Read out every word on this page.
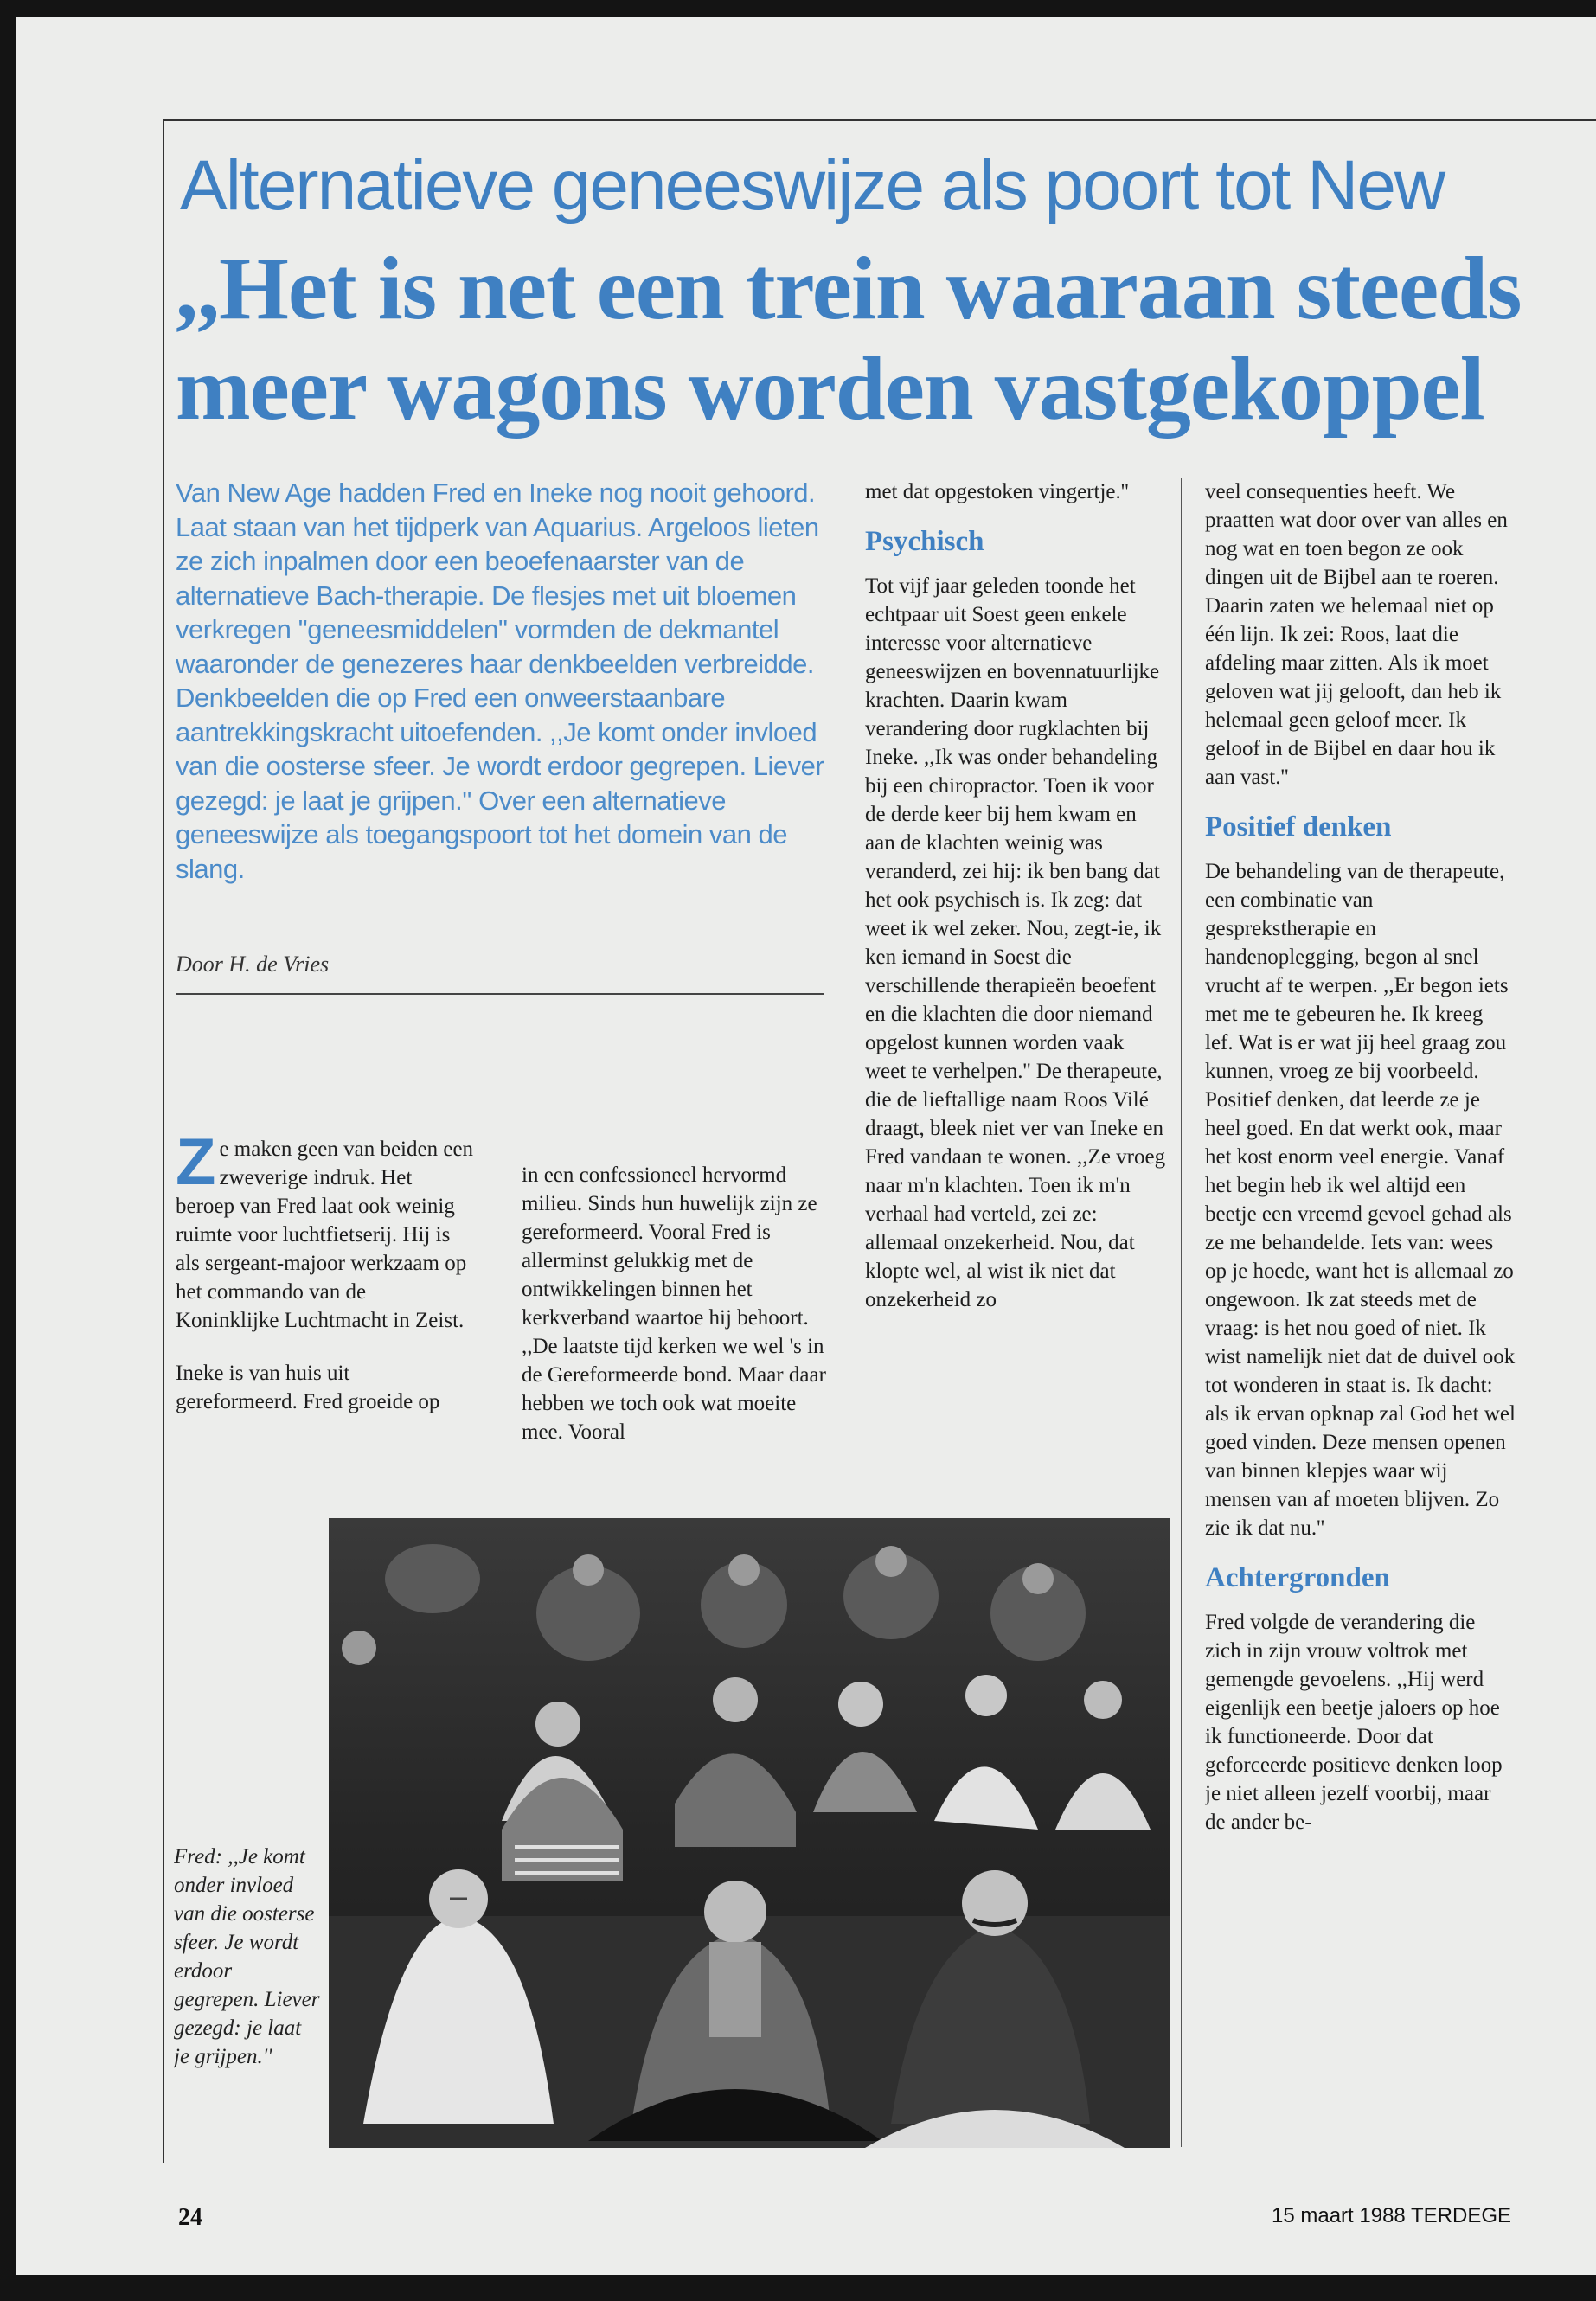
Alternatieve geneeswijze als poort tot New
,,Het is net een trein waaraan steeds
meer wagons worden vastgekoppel

Van New Age hadden Fred en Ineke nog nooit gehoord. Laat staan van het tijdperk van Aquarius. Argeloos lieten ze zich inpalmen door een beoefenaarster van de alternatieve Bach-therapie. De flesjes met uit bloemen verkregen ''geneesmiddelen'' vormden de dekmantel waaronder de genezeres haar denkbeelden verbreidde. Denkbeelden die op Fred een onweerstaanbare aantrekkingskracht uitoefenden. ,,Je komt onder invloed van die oosterse sfeer. Je wordt erdoor gegrepen. Liever gezegd: je laat je grijpen.'' Over een alternatieve geneeswijze als toegangspoort tot het domein van de slang.

Door H. de Vries
Z e maken geen van beiden een zweverige indruk. Het beroep van Fred laat ook weinig ruimte voor luchtfietserij. Hij is als sergeant-majoor werkzaam op het commando van de Koninklijke Luchtmacht in Zeist.

Ineke is van huis uit gereformeerd. Fred groeide op

in een confessioneel hervormd milieu. Sinds hun huwelijk zijn ze gereformeerd. Vooral Fred is allerminst gelukkig met de ontwikkelingen binnen het kerkverband waartoe hij behoort. ,,De laatste tijd kerken we wel 's in de Gereformeerde bond. Maar daar hebben we toch ook wat moeite mee. Vooral

met dat opgestoken vingertje.''

Psychisch

Tot vijf jaar geleden toonde het echtpaar uit Soest geen enkele interesse voor alternatieve geneeswijzen en bovennatuurlijke krachten. Daarin kwam verandering door rugklachten bij Ineke. ,,Ik was onder behandeling bij een chiropractor. Toen ik voor de derde keer bij hem kwam en aan de klachten weinig was veranderd, zei hij: ik ben bang dat het ook psychisch is. Ik zeg: dat weet ik wel zeker. Nou, zegt-ie, ik ken iemand in Soest die verschillende therapieën beoefent en die klachten die door niemand opgelost kunnen worden vaak weet te verhelpen.'' De therapeute, die de lieftallige naam Roos Vilé draagt, bleek niet ver van Ineke en Fred vandaan te wonen. ,,Ze vroeg naar m'n klachten. Toen ik m'n verhaal had verteld, zei ze: allemaal onzekerheid. Nou, dat klopte wel, al wist ik niet dat onzekerheid zo

veel consequenties heeft. We praatten wat door over van alles en nog wat en toen begon ze ook dingen uit de Bijbel aan te roeren. Daarin zaten we helemaal niet op één lijn. Ik zei: Roos, laat die afdeling maar zitten. Als ik moet geloven wat jij gelooft, dan heb ik helemaal geen geloof meer. Ik geloof in de Bijbel en daar hou ik aan vast.''

Positief denken

De behandeling van de therapeute, een combinatie van gesprekstherapie en handenoplegging, begon al snel vrucht af te werpen. ,,Er begon iets met me te gebeuren he. Ik kreeg lef. Wat is er wat jij heel graag zou kunnen, vroeg ze bij voorbeeld. Positief denken, dat leerde ze je heel goed. En dat werkt ook, maar het kost enorm veel energie. Vanaf het begin heb ik wel altijd een beetje een vreemd gevoel gehad als ze me behandelde. Iets van: wees op je hoede, want het is allemaal zo ongewoon. Ik zat steeds met de vraag: is het nou goed of niet. Ik wist namelijk niet dat de duivel ook tot wonderen in staat is. Ik dacht: als ik ervan opknap zal God het wel goed vinden. Deze mensen openen van binnen klepjes waar wij mensen van af moeten blijven. Zo zie ik dat nu.''

Achtergronden

Fred volgde de verandering die zich in zijn vrouw voltrok met gemengde gevoelens. ,,Hij werd eigenlijk een beetje jaloers op hoe ik functioneerde. Door dat geforceerde positieve denken loop je niet alleen jezelf voorbij, maar de ander be-

Fred: ,,Je komt onder invloed van die oosterse sfeer. Je wordt erdoor gegrepen. Liever gezegd: je laat je grijpen.''

24	15 maart 1988 TERDEGE
